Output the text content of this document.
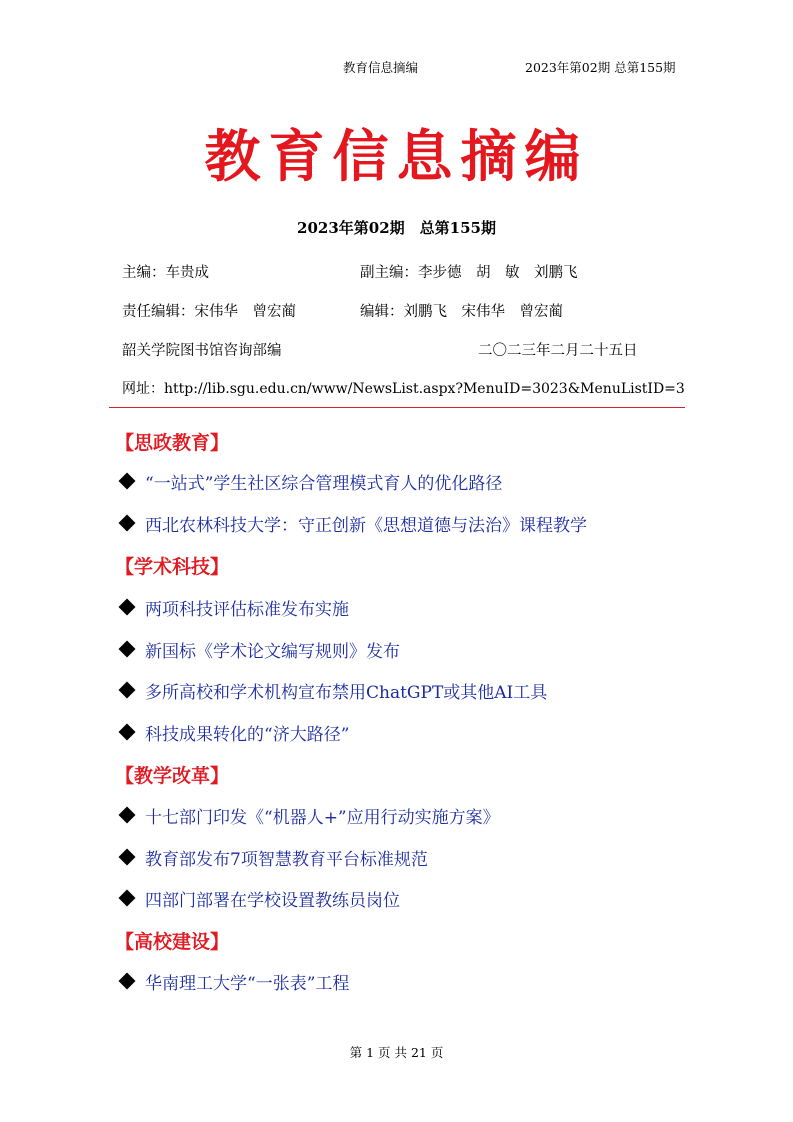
教育信息摘编	2023年第02期 总第155期
教育信息摘编
2023年第02期　总第155期
主编：车贵成	副主编：李步德　胡　敏　刘鹏飞
责任编辑：宋伟华　曾宏蔺	编辑：刘鹏飞　宋伟华　曾宏蔺
韶关学院图书馆咨询部编	二〇二三年二月二十五日
网址：http://lib.sgu.edu.cn/www/NewsList.aspx?MenuID=3023&MenuListID=3
【思政教育】
“一站式”学生社区综合管理模式育人的优化路径
西北农林科技大学：守正创新《思想道德与法治》课程教学
【学术科技】
两项科技评估标准发布实施
新国标《学术论文编写规则》发布
多所高校和学术机构宣布禁用ChatGPT或其他AI工具
科技成果转化的“济大路径”
【教学改革】
十七部门印发《“机器人+”应用行动实施方案》
教育部发布7项智慧教育平台标准规范
四部门部署在学校设置教练员岗位
【高校建设】
华南理工大学“一张表”工程
第 1 页 共 21 页
